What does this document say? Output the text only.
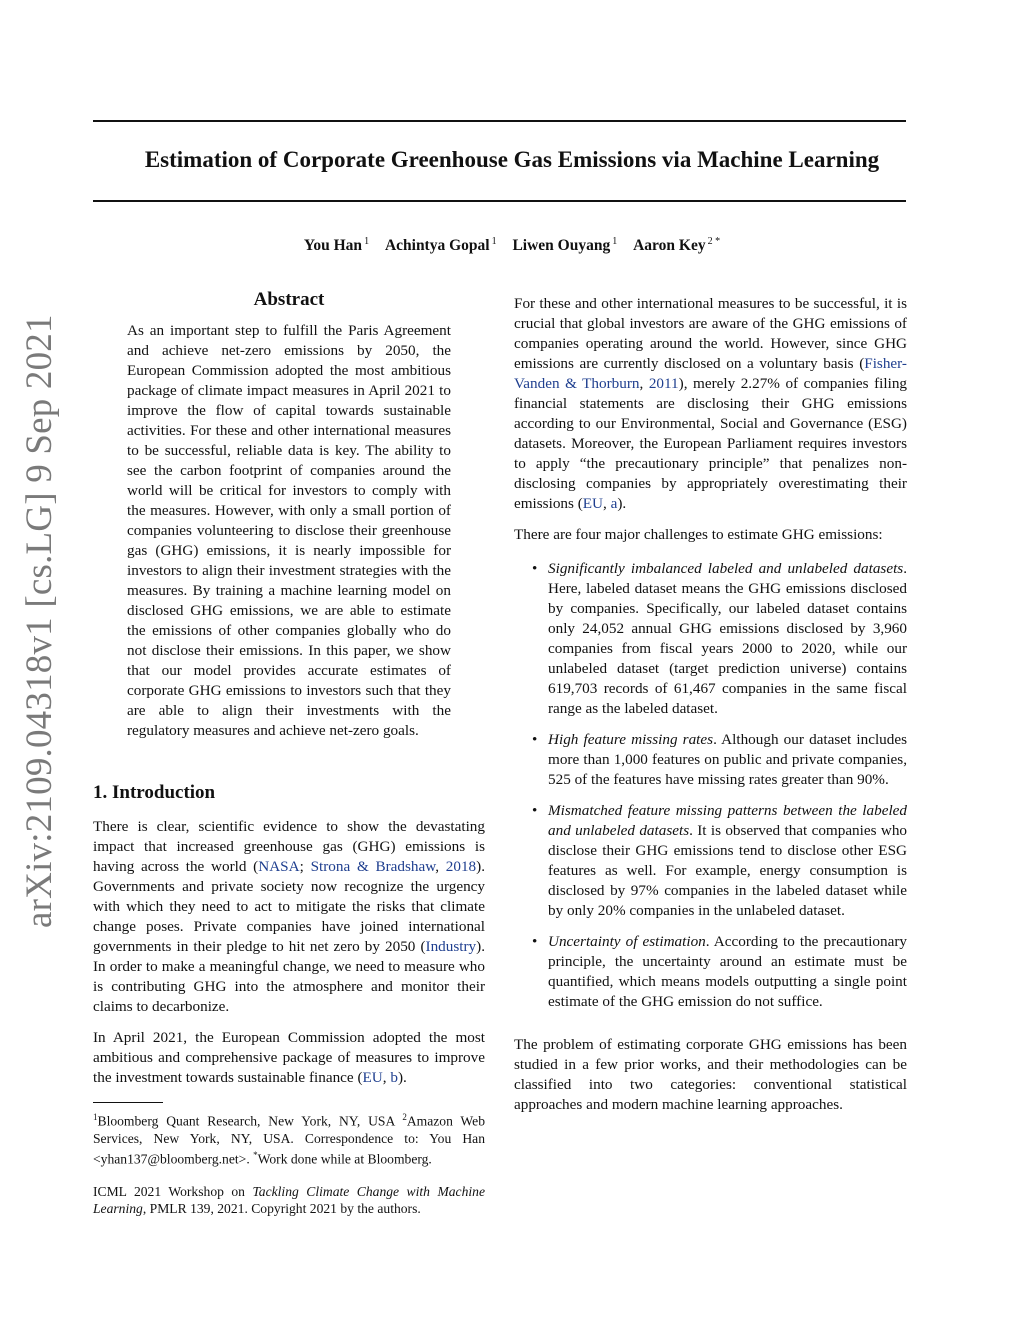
arXiv:2109.04318v1 [cs.LG] 9 Sep 2021
Estimation of Corporate Greenhouse Gas Emissions via Machine Learning
You Han $^1$ Achintya Gopal $^1$ Liwen Ouyang $^1$ Aaron Key $^{2 *}$
Abstract

As an important step to fulfill the Paris Agreement and achieve net-zero emissions by 2050, the European Commission adopted the most ambitious package of climate impact measures in April 2021 to improve the flow of capital towards sustainable activities. For these and other international measures to be successful, reliable data is key. The ability to see the carbon footprint of companies around the world will be critical for investors to comply with the measures. However, with only a small portion of companies volunteering to disclose their greenhouse gas (GHG) emissions, it is nearly impossible for investors to align their investment strategies with the measures. By training a machine learning model on disclosed GHG emissions, we are able to estimate the emissions of other companies globally who do not disclose their emissions. In this paper, we show that our model provides accurate estimates of corporate GHG emissions to investors such that they are able to align their investments with the regulatory measures and achieve net-zero goals.

1. Introduction

There is clear, scientific evidence to show the devastating impact that increased greenhouse gas (GHG) emissions is having across the world (NASA; Strona & Bradshaw, 2018). Governments and private society now recognize the urgency with which they need to act to mitigate the risks that climate change poses. Private companies have joined international governments in their pledge to hit net zero by 2050 (Industry). In order to make a meaningful change, we need to measure who is contributing GHG into the atmosphere and monitor their claims to decarbonize.

In April 2021, the European Commission adopted the most ambitious and comprehensive package of measures to improve the investment towards sustainable finance (EU, b).

$^1$Bloomberg Quant Research, New York, NY, USA $^2$Amazon Web Services, New York, NY, USA. Correspondence to: You Han <yhan137@bloomberg.net>. *Work done while at Bloomberg.

ICML 2021 Workshop on Tackling Climate Change with Machine Learning, PMLR 139, 2021. Copyright 2021 by the authors.

For these and other international measures to be successful, it is crucial that global investors are aware of the GHG emissions of companies operating around the world. However, since GHG emissions are currently disclosed on a voluntary basis (Fisher-Vanden & Thorburn, 2011), merely 2.27% of companies filing financial statements are disclosing their GHG emissions according to our Environmental, Social and Governance (ESG) datasets. Moreover, the European Parliament requires investors to apply “the precautionary principle” that penalizes non-disclosing companies by appropriately overestimating their emissions (EU, a).

There are four major challenges to estimate GHG emissions:

• Significantly imbalanced labeled and unlabeled datasets. Here, labeled dataset means the GHG emissions disclosed by companies. Specifically, our labeled dataset contains only 24,052 annual GHG emissions disclosed by 3,960 companies from fiscal years 2000 to 2020, while our unlabeled dataset (target prediction universe) contains 619,703 records of 61,467 companies in the same fiscal range as the labeled dataset.
• High feature missing rates. Although our dataset includes more than 1,000 features on public and private companies, 525 of the features have missing rates greater than 90%.
• Mismatched feature missing patterns between the labeled and unlabeled datasets. It is observed that companies who disclose their GHG emissions tend to disclose other ESG features as well. For example, energy consumption is disclosed by 97% companies in the labeled dataset while by only 20% companies in the unlabeled dataset.
• Uncertainty of estimation. According to the precautionary principle, the uncertainty around an estimate must be quantified, which means models outputting a single point estimate of the GHG emission do not suffice.

The problem of estimating corporate GHG emissions has been studied in a few prior works, and their methodologies can be classified into two categories: conventional statistical approaches and modern machine learning approaches.
